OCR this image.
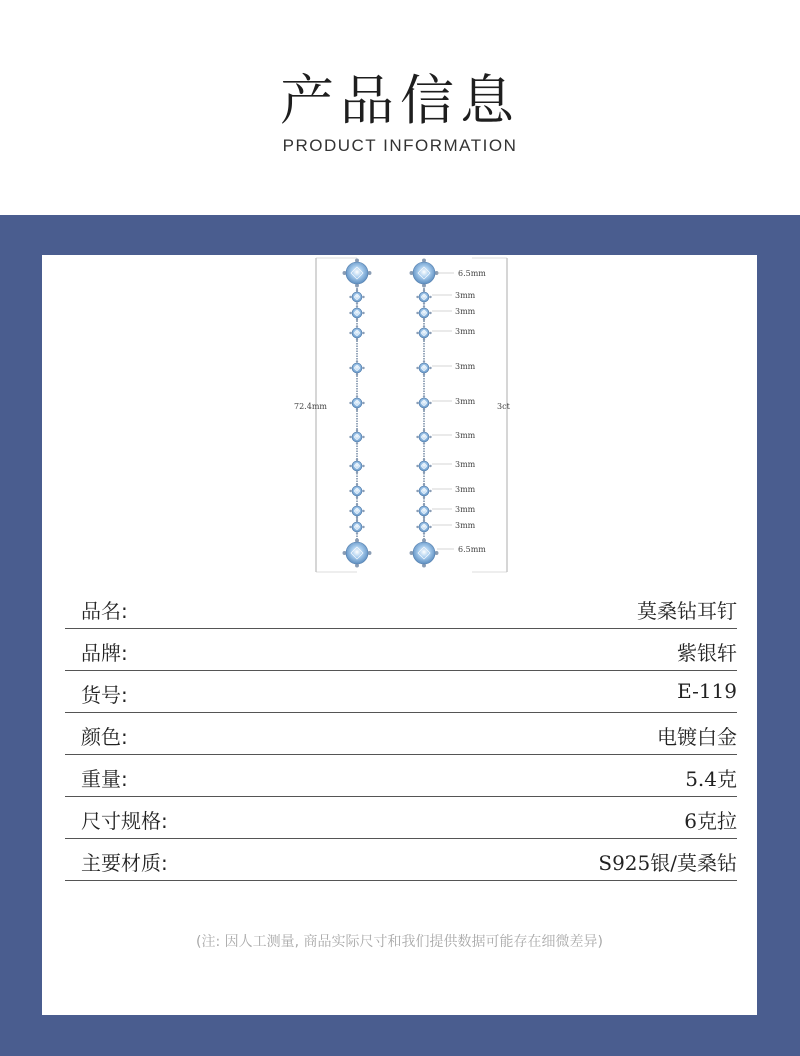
产品信息
PRODUCT INFORMATION
72.4mm	3ct
6.5mm
3mm
3mm
3mm
3mm
3mm
3mm
3mm
3mm
3mm
3mm
6.5mm
品名:	莫桑钻耳钉
品牌:	紫银轩
货号:	E-119
颜色:	电镀白金
重量:	5.4克
尺寸规格:	6克拉
主要材质:	S925银/莫桑钻
(注: 因人工测量, 商品实际尺寸和我们提供数据可能存在细微差异)
